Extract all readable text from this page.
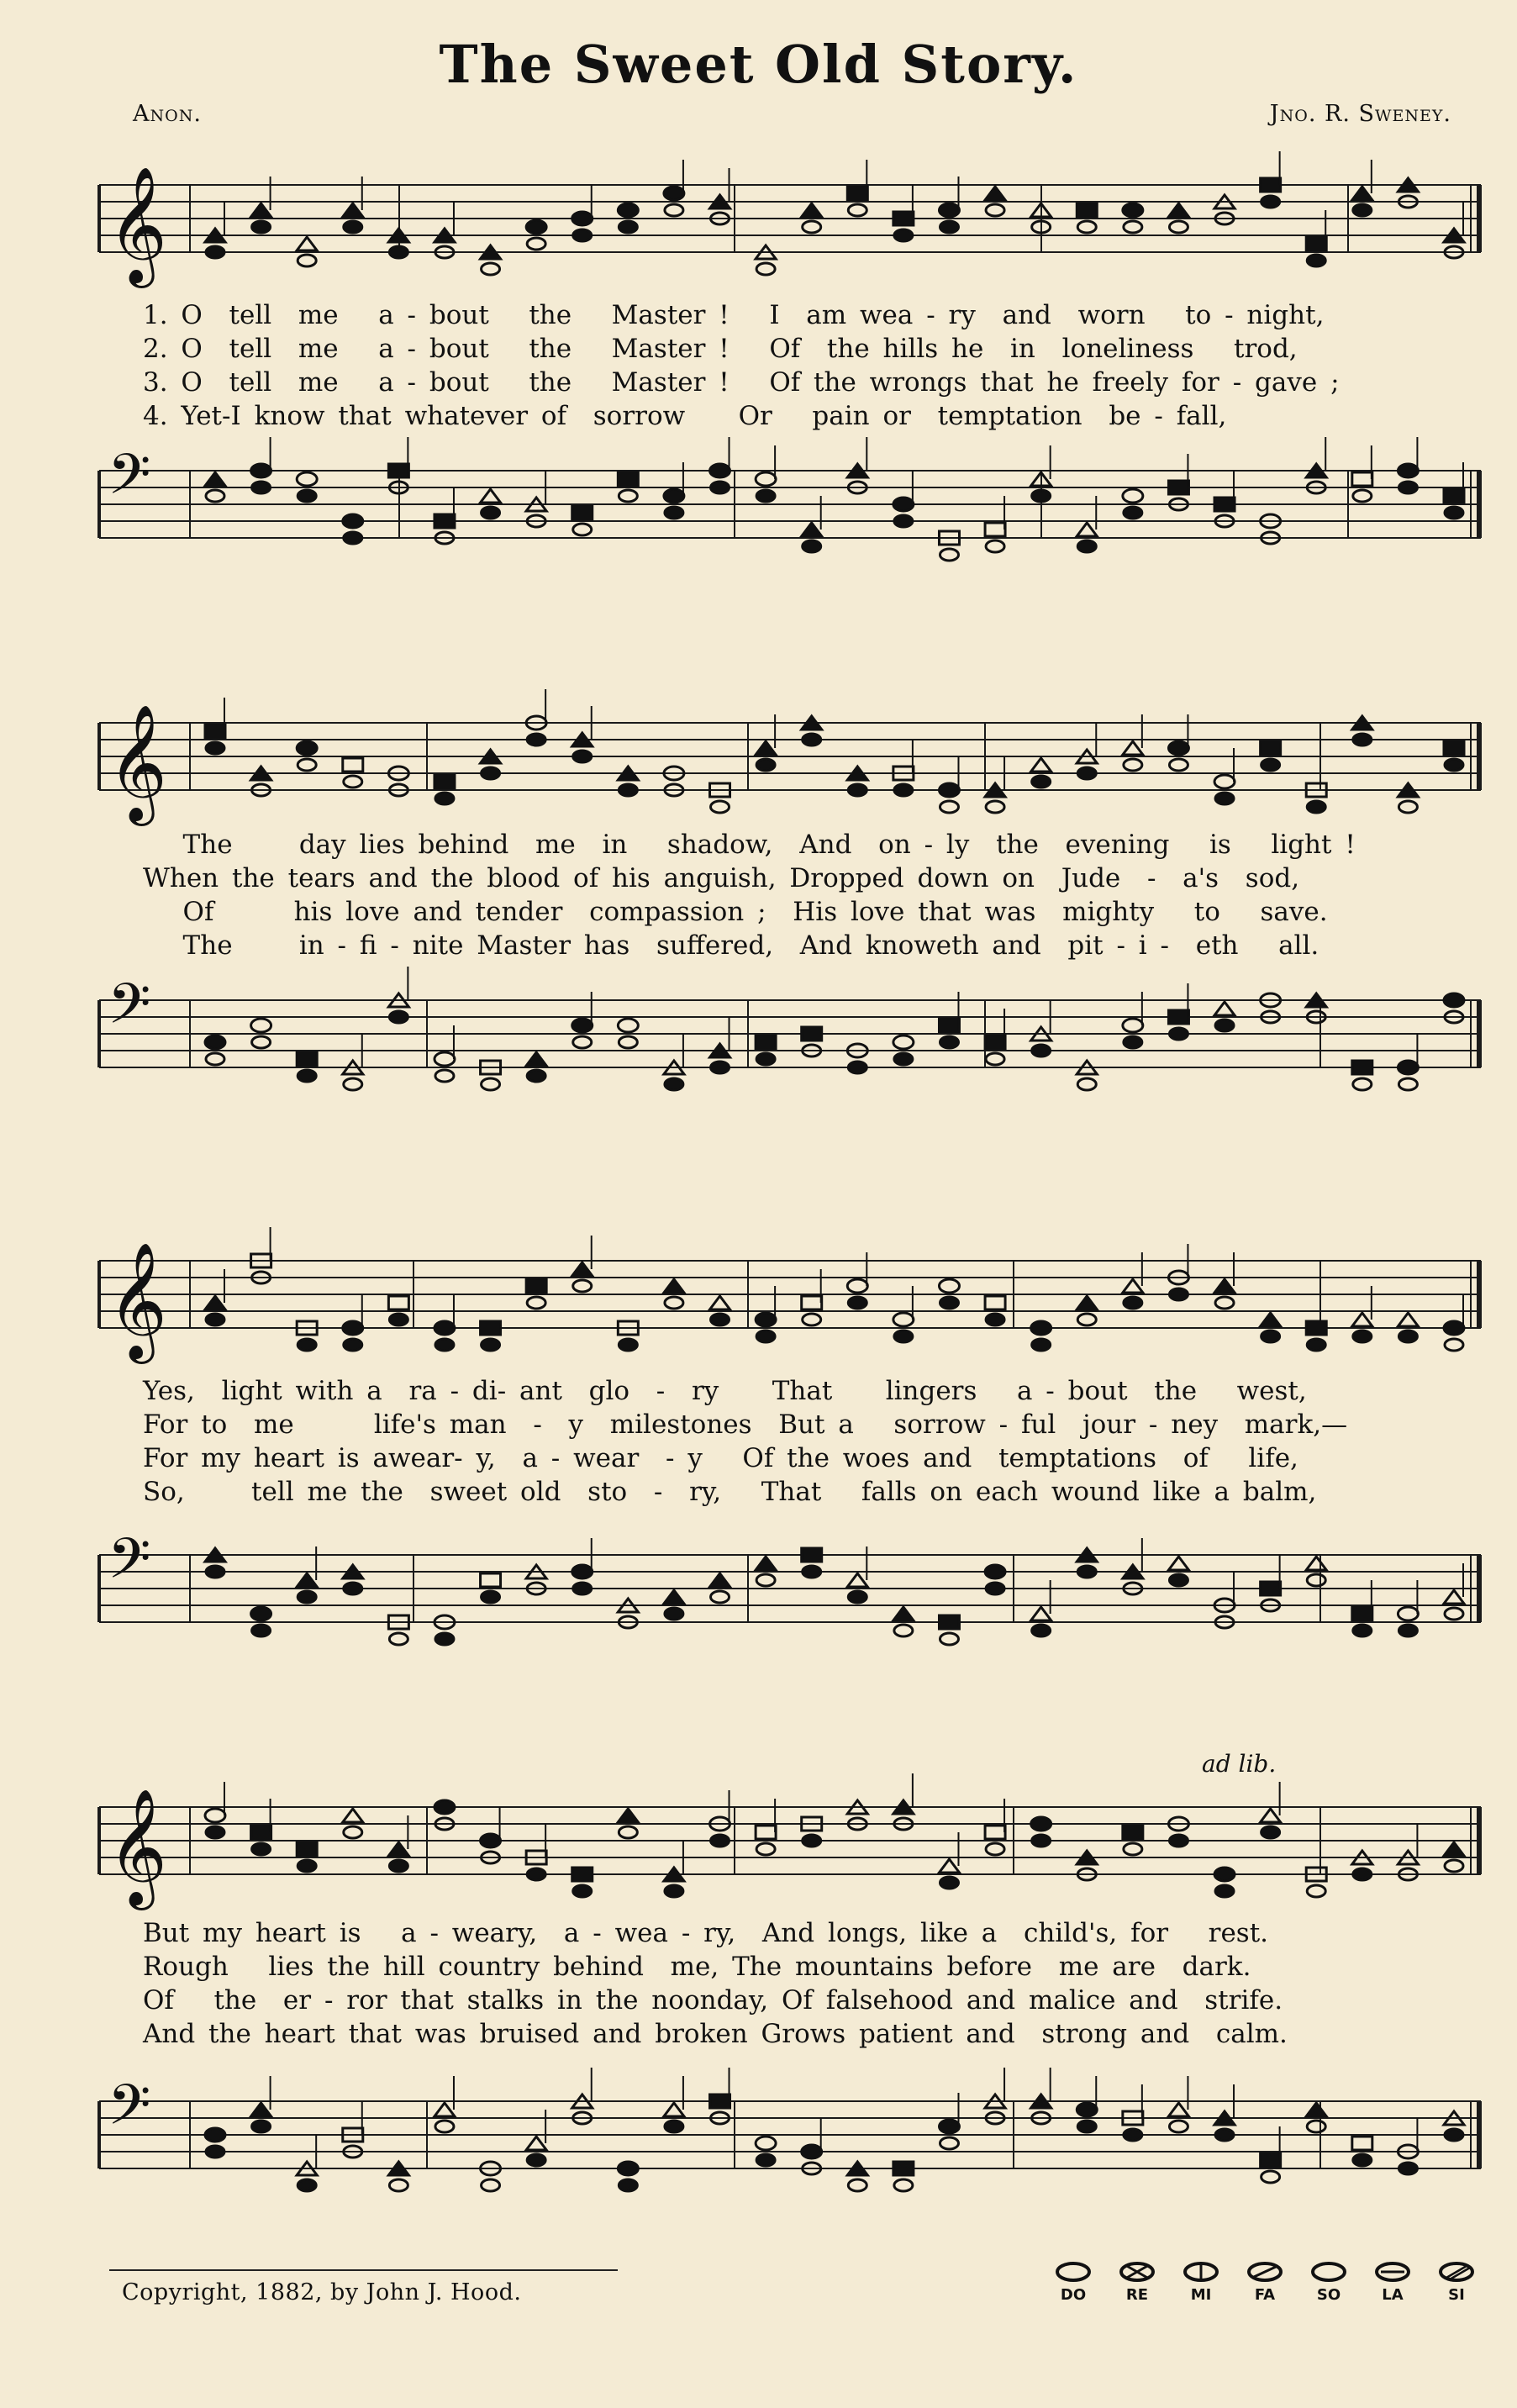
The Sweet Old Story.
Anon.	Jno. R. Sweney.
𝄞
1. O  tell  me   a - bout   the   Master !   I  am wea - ry  and  worn   to - night,
2. O  tell  me   a - bout   the   Master !   Of  the hills he  in  loneliness   trod,
3. O  tell  me   a - bout   the   Master !   Of the wrongs that he freely for - gave ;
4. Yet-I know that whatever of  sorrow    Or   pain or  temptation  be - fall,
𝄢
𝄞
The     day lies behind  me  in   shadow,  And  on - ly  the  evening   is   light !
When the tears and the blood of his anguish, Dropped down on  Jude  -  a's  sod,
Of      his love and tender  compassion ;  His love that was  mighty   to   save.
The     in - fi - nite Master has  suffered,  And knoweth and  pit - i -  eth   all.
𝄢
𝄞
Yes,  light with a  ra - di- ant  glo  -  ry    That    lingers   a - bout  the   west,
For to  me      life's man  -  y  milestones  But a   sorrow - ful  jour - ney  mark,—
For my heart is awear- y,  a - wear  - y   Of the woes and  temptations  of   life,
So,     tell me the  sweet old  sto  -  ry,   That   falls on each wound like a balm,
𝄢
ad lib.
𝄞
But my heart is   a - weary,  a - wea - ry,  And longs, like a  child's, for   rest.
Rough   lies the hill country behind  me, The mountains before  me are  dark.
Of   the  er - ror that stalks in the noonday, Of falsehood and malice and  strife.
And the heart that was bruised and broken Grows patient and  strong and  calm.
𝄢
Copyright, 1882, by John J. Hood.	DO	RE	MI	FA	SO	LA	SI
